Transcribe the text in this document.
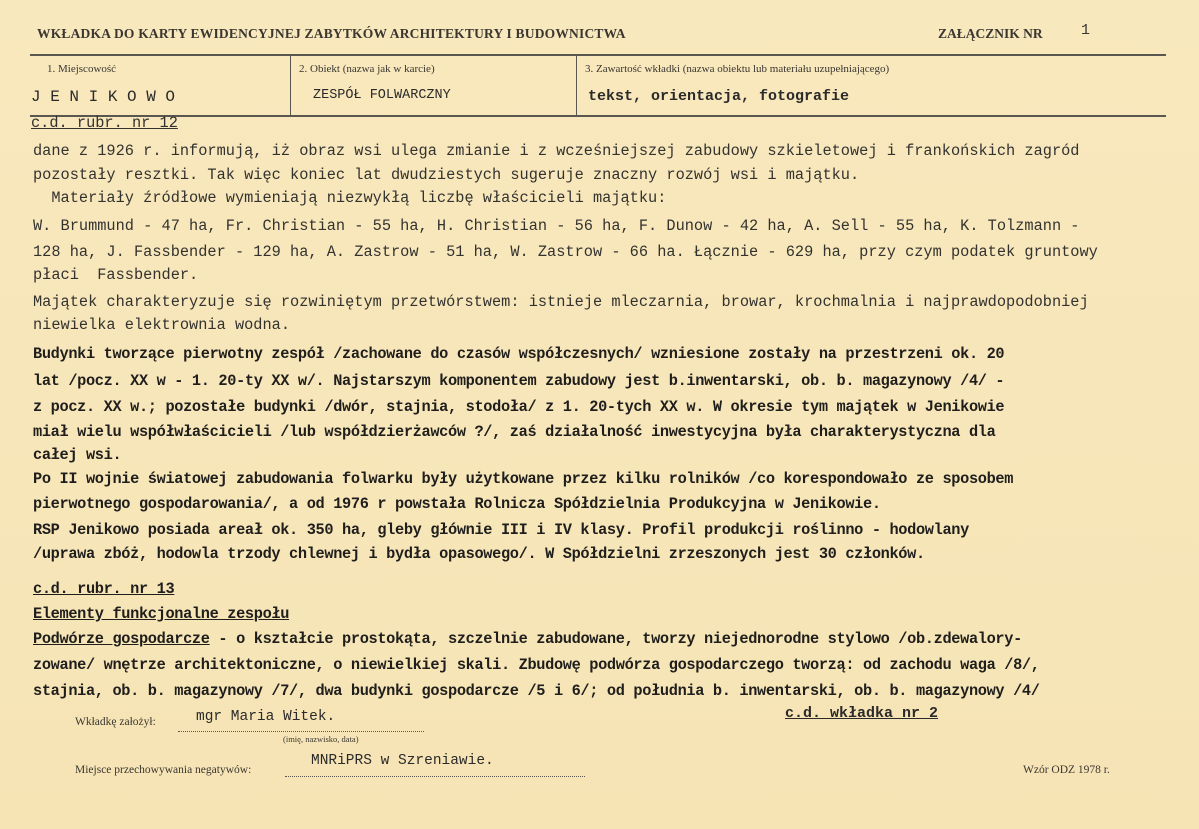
WKŁADKA DO KARTY EWIDENCYJNEJ ZABYTKÓW ARCHITEKTURY I BUDOWNICTWA	ZAŁĄCZNIK NR	1
1. Miejscowość
J E N I K O W O
2. Obiekt (nazwa jak w karcie)
ZESPÓŁ FOLWARCZNY
3. Zawartość wkładki (nazwa obiektu lub materiału uzupełniającego)
tekst, orientacja, fotografie
c.d. rubr. nr 12
dane z 1926 r. informują, iż obraz wsi ulega zmianie i z wcześniejszej zabudowy szkieletowej i frankońskich zagród
pozostały resztki. Tak więc koniec lat dwudziestych sugeruje znaczny rozwój wsi i majątku.
Materiały źródłowe wymieniają niezwykłą liczbę właścicieli majątku:
W. Brummund - 47 ha, Fr. Christian - 55 ha, H. Christian - 56 ha, F. Dunow - 42 ha, A. Sell - 55 ha, K. Tolzmann -
128 ha, J. Fassbender - 129 ha, A. Zastrow - 51 ha, W. Zastrow - 66 ha. Łącznie - 629 ha, przy czym podatek gruntowy
płaci  Fassbender.
Majątek charakteryzuje się rozwiniętym przetwórstwem: istnieje mleczarnia, browar, krochmalnia i najprawdopodobniej
niewielka elektrownia wodna.
Budynki tworzące pierwotny zespół /zachowane do czasów współczesnych/ wzniesione zostały na przestrzeni ok. 20
lat /pocz. XX w - 1. 20-ty XX w/. Najstarszym komponentem zabudowy jest b.inwentarski, ob. b. magazynowy /4/ -
z pocz. XX w.; pozostałe budynki /dwór, stajnia, stodoła/ z 1. 20-tych XX w. W okresie tym majątek w Jenikowie
miał wielu współwłaścicieli /lub współdzierżawców ?/, zaś działalność inwestycyjna była charakterystyczna dla
całej wsi.
Po II wojnie światowej zabudowania folwarku były użytkowane przez kilku rolników /co korespondowało ze sposobem
pierwotnego gospodarowania/, a od 1976 r powstała Rolnicza Spółdzielnia Produkcyjna w Jenikowie.
RSP Jenikowo posiada areał ok. 350 ha, gleby głównie III i IV klasy. Profil produkcji roślinno - hodowlany
/uprawa zbóż, hodowla trzody chlewnej i bydła opasowego/. W Spółdzielni zrzeszonych jest 30 członków.
c.d. rubr. nr 13
Elementy funkcjonalne zespołu
Podwórze gospodarcze - o kształcie prostokąta, szczelnie zabudowane, tworzy niejednorodne stylowo /ob.zdewalory-
zowane/ wnętrze architektoniczne, o niewielkiej skali. Zbudowę podwórza gospodarczego tworzą: od zachodu waga /8/,
stajnia, ob. b. magazynowy /7/, dwa budynki gospodarcze /5 i 6/; od południa b. inwentarski, ob. b. magazynowy /4/
Wkładkę założył:	mgr Maria Witek.
(imię, nazwisko, data)
c.d. wkładka nr 2
Miejsce przechowywania negatywów:
MNRiPRS w Szreniawie.
Wzór ODZ 1978 r.
